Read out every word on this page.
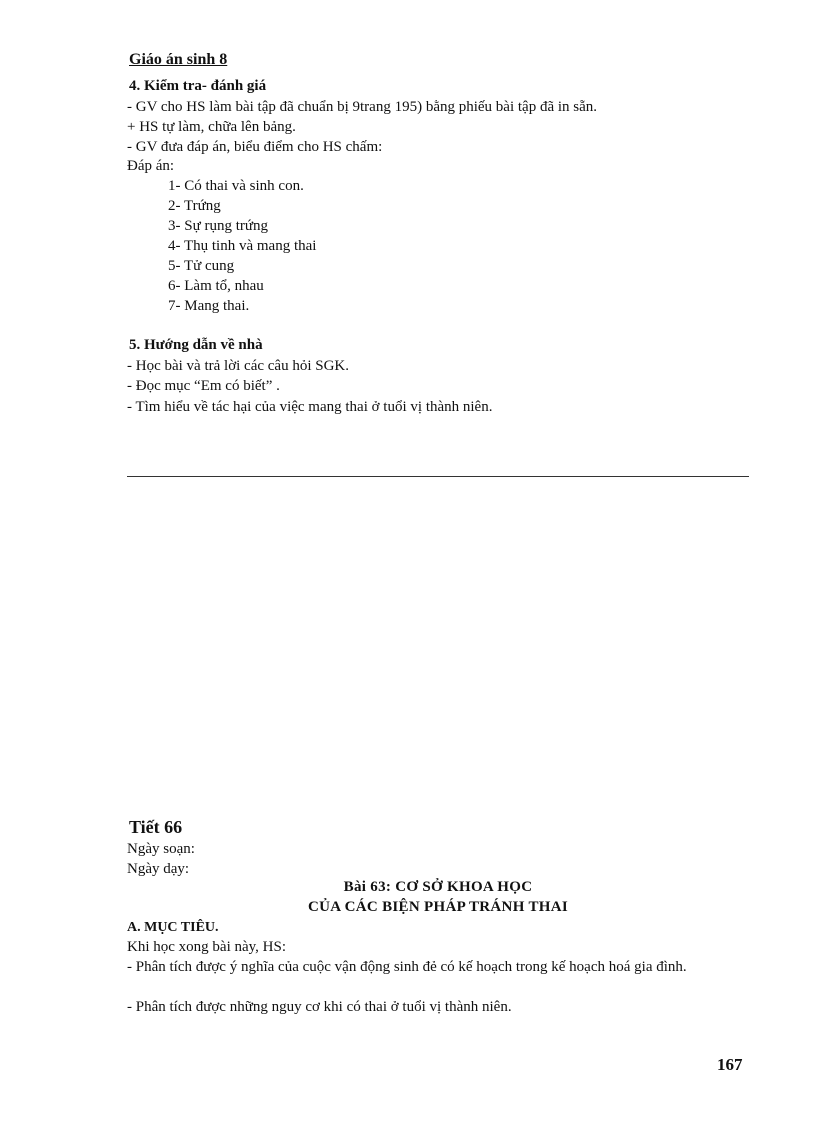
Giáo án sinh 8
4. Kiểm tra- đánh giá
- GV cho HS làm bài tập đã chuẩn bị 9trang 195) bằng phiếu bài tập đã in sẵn.
+ HS tự làm, chữa lên bảng.
- GV đưa đáp án, biểu điểm cho HS chấm:
Đáp án:
1- Có thai và sinh con.
2- Trứng
3- Sự rụng trứng
4- Thụ tinh và mang thai
5- Tử cung
6- Làm tổ, nhau
7- Mang thai.
5. Hướng dẫn về nhà
- Học bài và trả lời các câu hỏi SGK.
- Đọc mục “Em có biết” .
- Tìm hiểu về tác hại của việc mang thai ở tuổi vị thành niên.
Tiết 66
Ngày soạn:
Ngày dạy:
Bài 63: CƠ SỞ KHOA HỌC
CỦA CÁC BIỆN PHÁP TRÁNH THAI
A. MỤC TIÊU.
Khi học xong bài này, HS:
- Phân tích được ý nghĩa của cuộc vận động sinh đẻ có kế hoạch trong kế hoạch hoá gia đình.
- Phân tích được những nguy cơ khi có thai ở tuổi vị thành niên.
167
